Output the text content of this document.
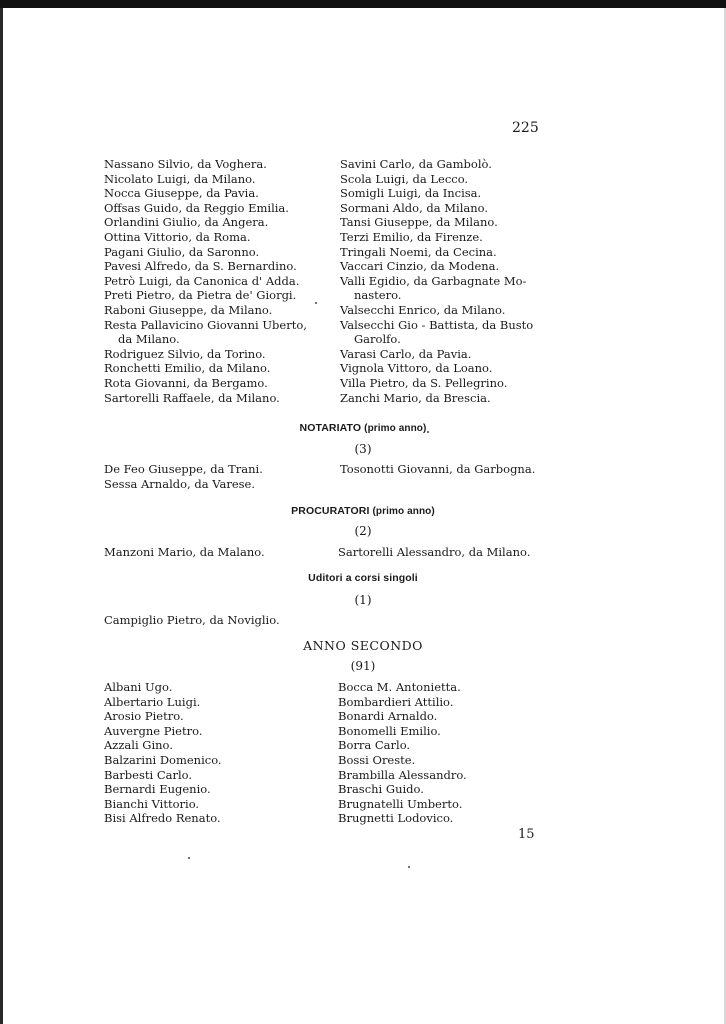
225
Nassano Silvio, da Voghera.
Nicolato Luigi, da Milano.
Nocca Giuseppe, da Pavia.
Offsas Guido, da Reggio Emilia.
Orlandini Giulio, da Angera.
Ottina Vittorio, da Roma.
Pagani Giulio, da Saronno.
Pavesi Alfredo, da S. Bernardino.
Petrò Luigi, da Canonica d' Adda.
Preti Pietro, da Pietra de' Giorgi.
Raboni Giuseppe, da Milano.
Resta Pallavicino Giovanni Uberto,
da Milano.
Rodriguez Silvio, da Torino.
Ronchetti Emilio, da Milano.
Rota Giovanni, da Bergamo.
Sartorelli Raffaele, da Milano.
Savini Carlo, da Gambolò.
Scola Luigi, da Lecco.
Somigli Luigi, da Incisa.
Sormani Aldo, da Milano.
Tansi Giuseppe, da Milano.
Terzi Emilio, da Firenze.
Tringali Noemi, da Cecina.
Vaccari Cinzio, da Modena.
Valli Egidio, da Garbagnate Mo-
nastero.
Valsecchi Enrico, da Milano.
Valsecchi Gio - Battista, da Busto
Garolfo.
Varasi Carlo, da Pavia.
Vignola Vittoro, da Loano.
Villa Pietro, da S. Pellegrino.
Zanchi Mario, da Brescia.
NOTARIATO (primo anno)
(3)
De Feo Giuseppe, da Trani.
Sessa Arnaldo, da Varese.
Tosonotti Giovanni, da Garbogna.
PROCURATORI (primo anno)
(2)
Manzoni Mario, da Malano.	Sartorelli Alessandro, da Milano.
Uditori a corsi singoli
(1)
Campiglio Pietro, da Noviglio.
ANNO SECONDO
(91)
Albani Ugo.
Albertario Luigi.
Arosio Pietro.
Auvergne Pietro.
Azzali Gino.
Balzarini Domenico.
Barbesti Carlo.
Bernardi Eugenio.
Bianchi Vittorio.
Bisi Alfredo Renato.
Bocca M. Antonietta.
Bombardieri Attilio.
Bonardi Arnaldo.
Bonomelli Emilio.
Borra Carlo.
Bossi Oreste.
Brambilla Alessandro.
Braschi Guido.
Brugnatelli Umberto.
Brugnetti Lodovico.
15
